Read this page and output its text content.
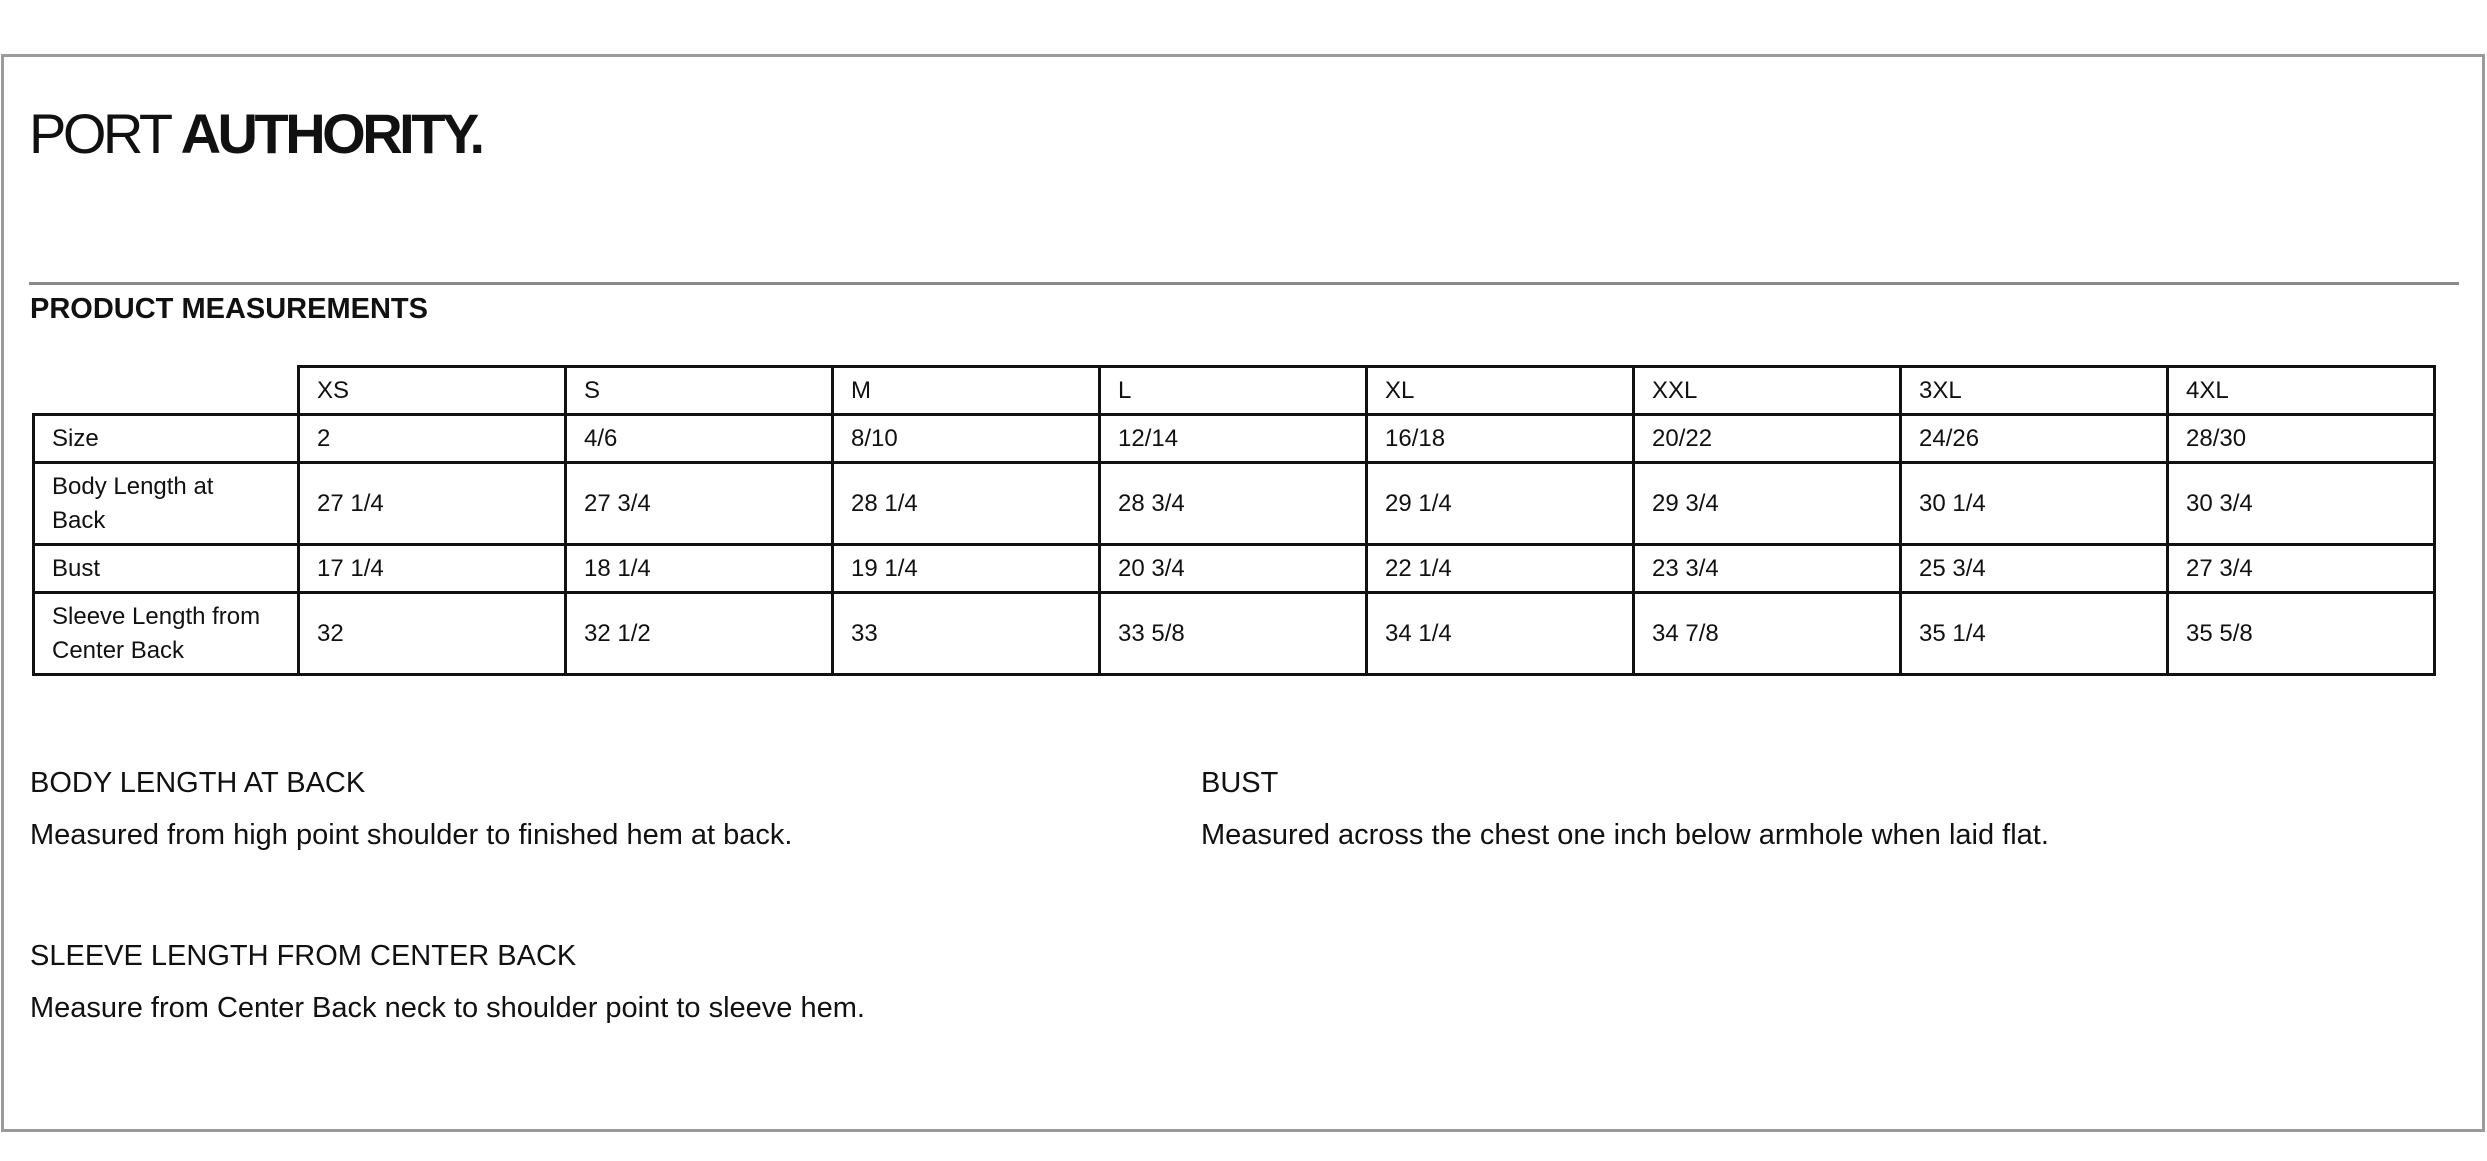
PORT AUTHORITY.
PRODUCT MEASUREMENTS
	XS	S	M	L	XL	XXL	3XL	4XL
Size	2	4/6	8/10	12/14	16/18	20/22	24/26	28/30
Body Length at
Back	27 1/4	27 3/4	28 1/4	28 3/4	29 1/4	29 3/4	30 1/4	30 3/4
Bust	17 1/4	18 1/4	19 1/4	20 3/4	22 1/4	23 3/4	25 3/4	27 3/4
Sleeve Length from
Center Back	32	32 1/2	33	33 5/8	34 1/4	34 7/8	35 1/4	35 5/8
BODY LENGTH AT BACK
Measured from high point shoulder to finished hem at back.
BUST
Measured across the chest one inch below armhole when laid flat.
SLEEVE LENGTH FROM CENTER BACK
Measure from Center Back neck to shoulder point to sleeve hem.
